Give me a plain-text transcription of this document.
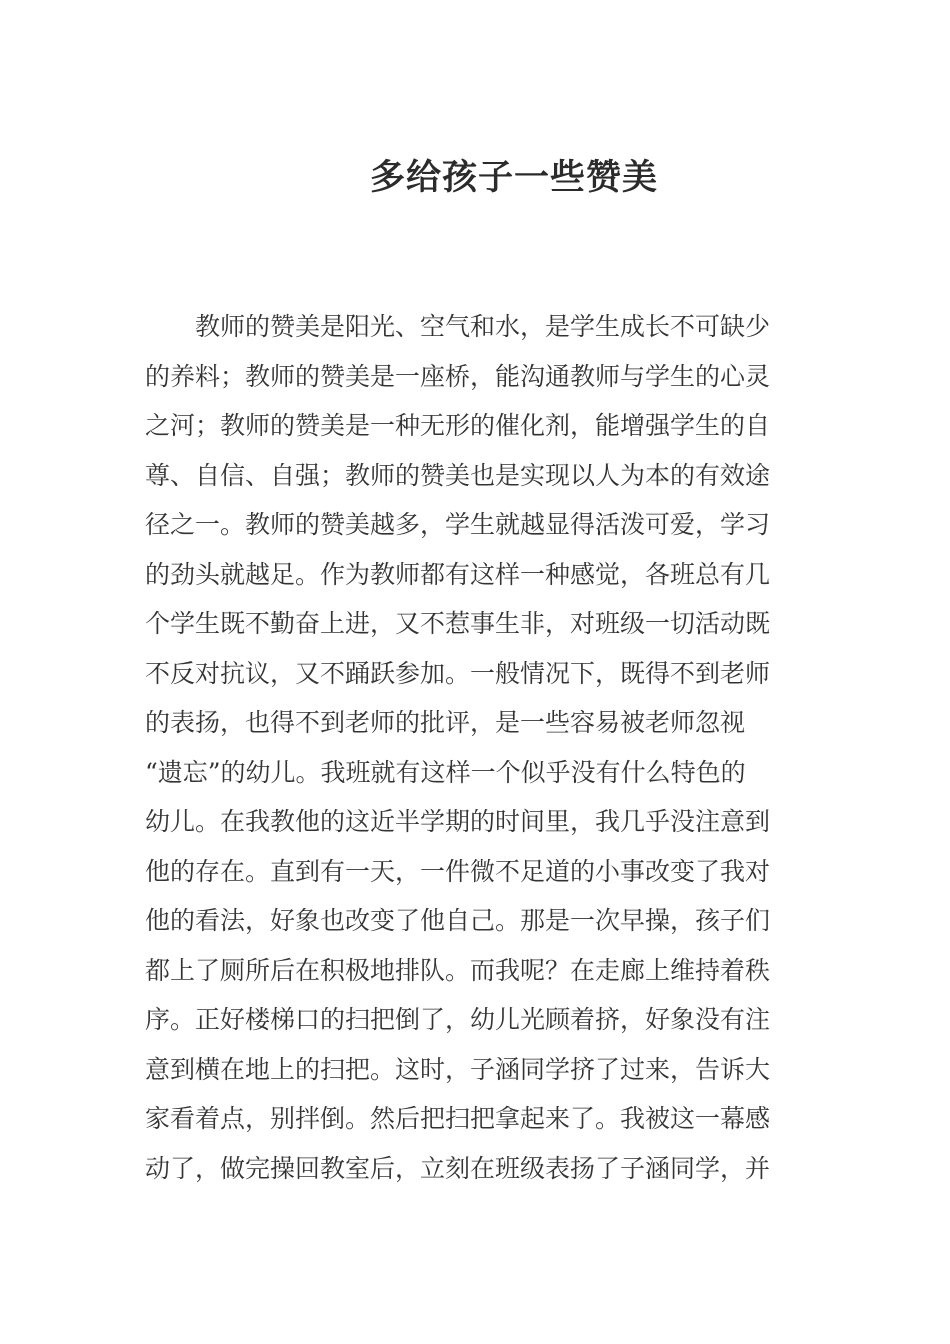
多给孩子一些赞美
教师的赞美是阳光、空气和水，是学生成长不可缺少
的养料；教师的赞美是一座桥，能沟通教师与学生的心灵
之河；教师的赞美是一种无形的催化剂，能增强学生的自
尊、自信、自强；教师的赞美也是实现以人为本的有效途
径之一。教师的赞美越多，学生就越显得活泼可爱，学习
的劲头就越足。作为教师都有这样一种感觉，各班总有几
个学生既不勤奋上进，又不惹事生非，对班级一切活动既
不反对抗议，又不踊跃参加。一般情况下，既得不到老师
的表扬，也得不到老师的批评，是一些容易被老师忽视
“遗忘”的幼儿。我班就有这样一个似乎没有什么特色的
幼儿。在我教他的这近半学期的时间里，我几乎没注意到
他的存在。直到有一天，一件微不足道的小事改变了我对
他的看法，好象也改变了他自己。那是一次早操，孩子们
都上了厕所后在积极地排队。而我呢？在走廊上维持着秩
序。正好楼梯口的扫把倒了，幼儿光顾着挤，好象没有注
意到横在地上的扫把。这时，子涵同学挤了过来，告诉大
家看着点，别拌倒。然后把扫把拿起来了。我被这一幕感
动了，做完操回教室后，立刻在班级表扬了子涵同学，并
